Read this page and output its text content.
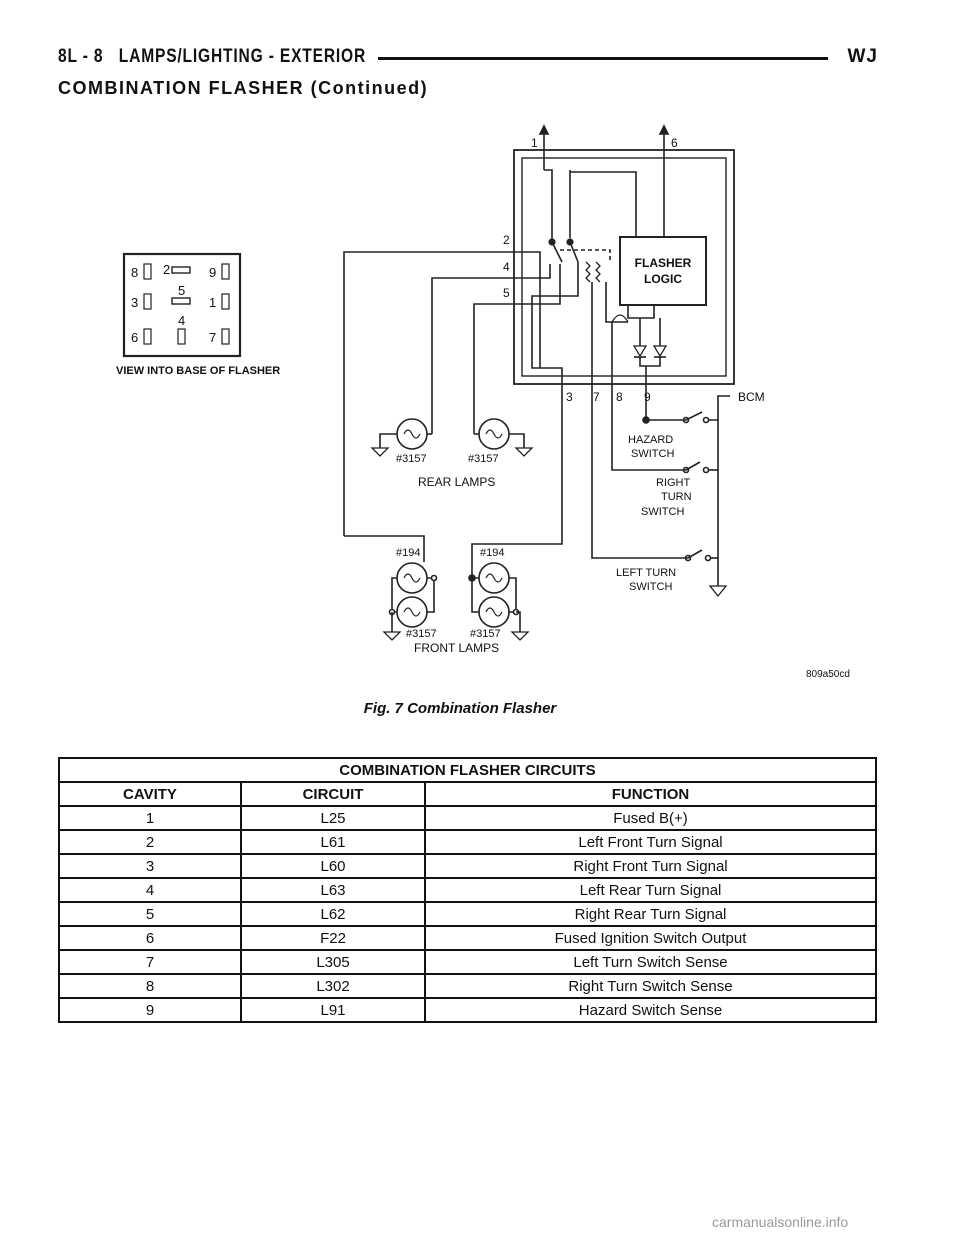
8L - 8 LAMPS/LIGHTING - EXTERIOR	WJ
COMBINATION FLASHER (Continued)
8 2	9
3
5
1
6
4
7
VIEW INTO BASE OF FLASHER
1	6
FLASHER
LOGIC
2
4
5
3 7 8 9	BCM
HAZARD
SWITCH
RIGHT
TURN
SWITCH
LEFT TURN
SWITCH
#3157	#3157
REAR LAMPS
#194	#194
#3157	#3157
FRONT LAMPS
809a50cd
Fig. 7 Combination Flasher
COMBINATION FLASHER CIRCUITS		
CAVITY	CIRCUIT	FUNCTION
1	L25	Fused B(+)
2	L61	Left Front Turn Signal
3	L60	Right Front Turn Signal
4	L63	Left Rear Turn Signal
5	L62	Right Rear Turn Signal
6	F22	Fused Ignition Switch Output
7	L305	Left Turn Switch Sense
8	L302	Right Turn Switch Sense
9	L91	Hazard Switch Sense
carmanualsonline.info
